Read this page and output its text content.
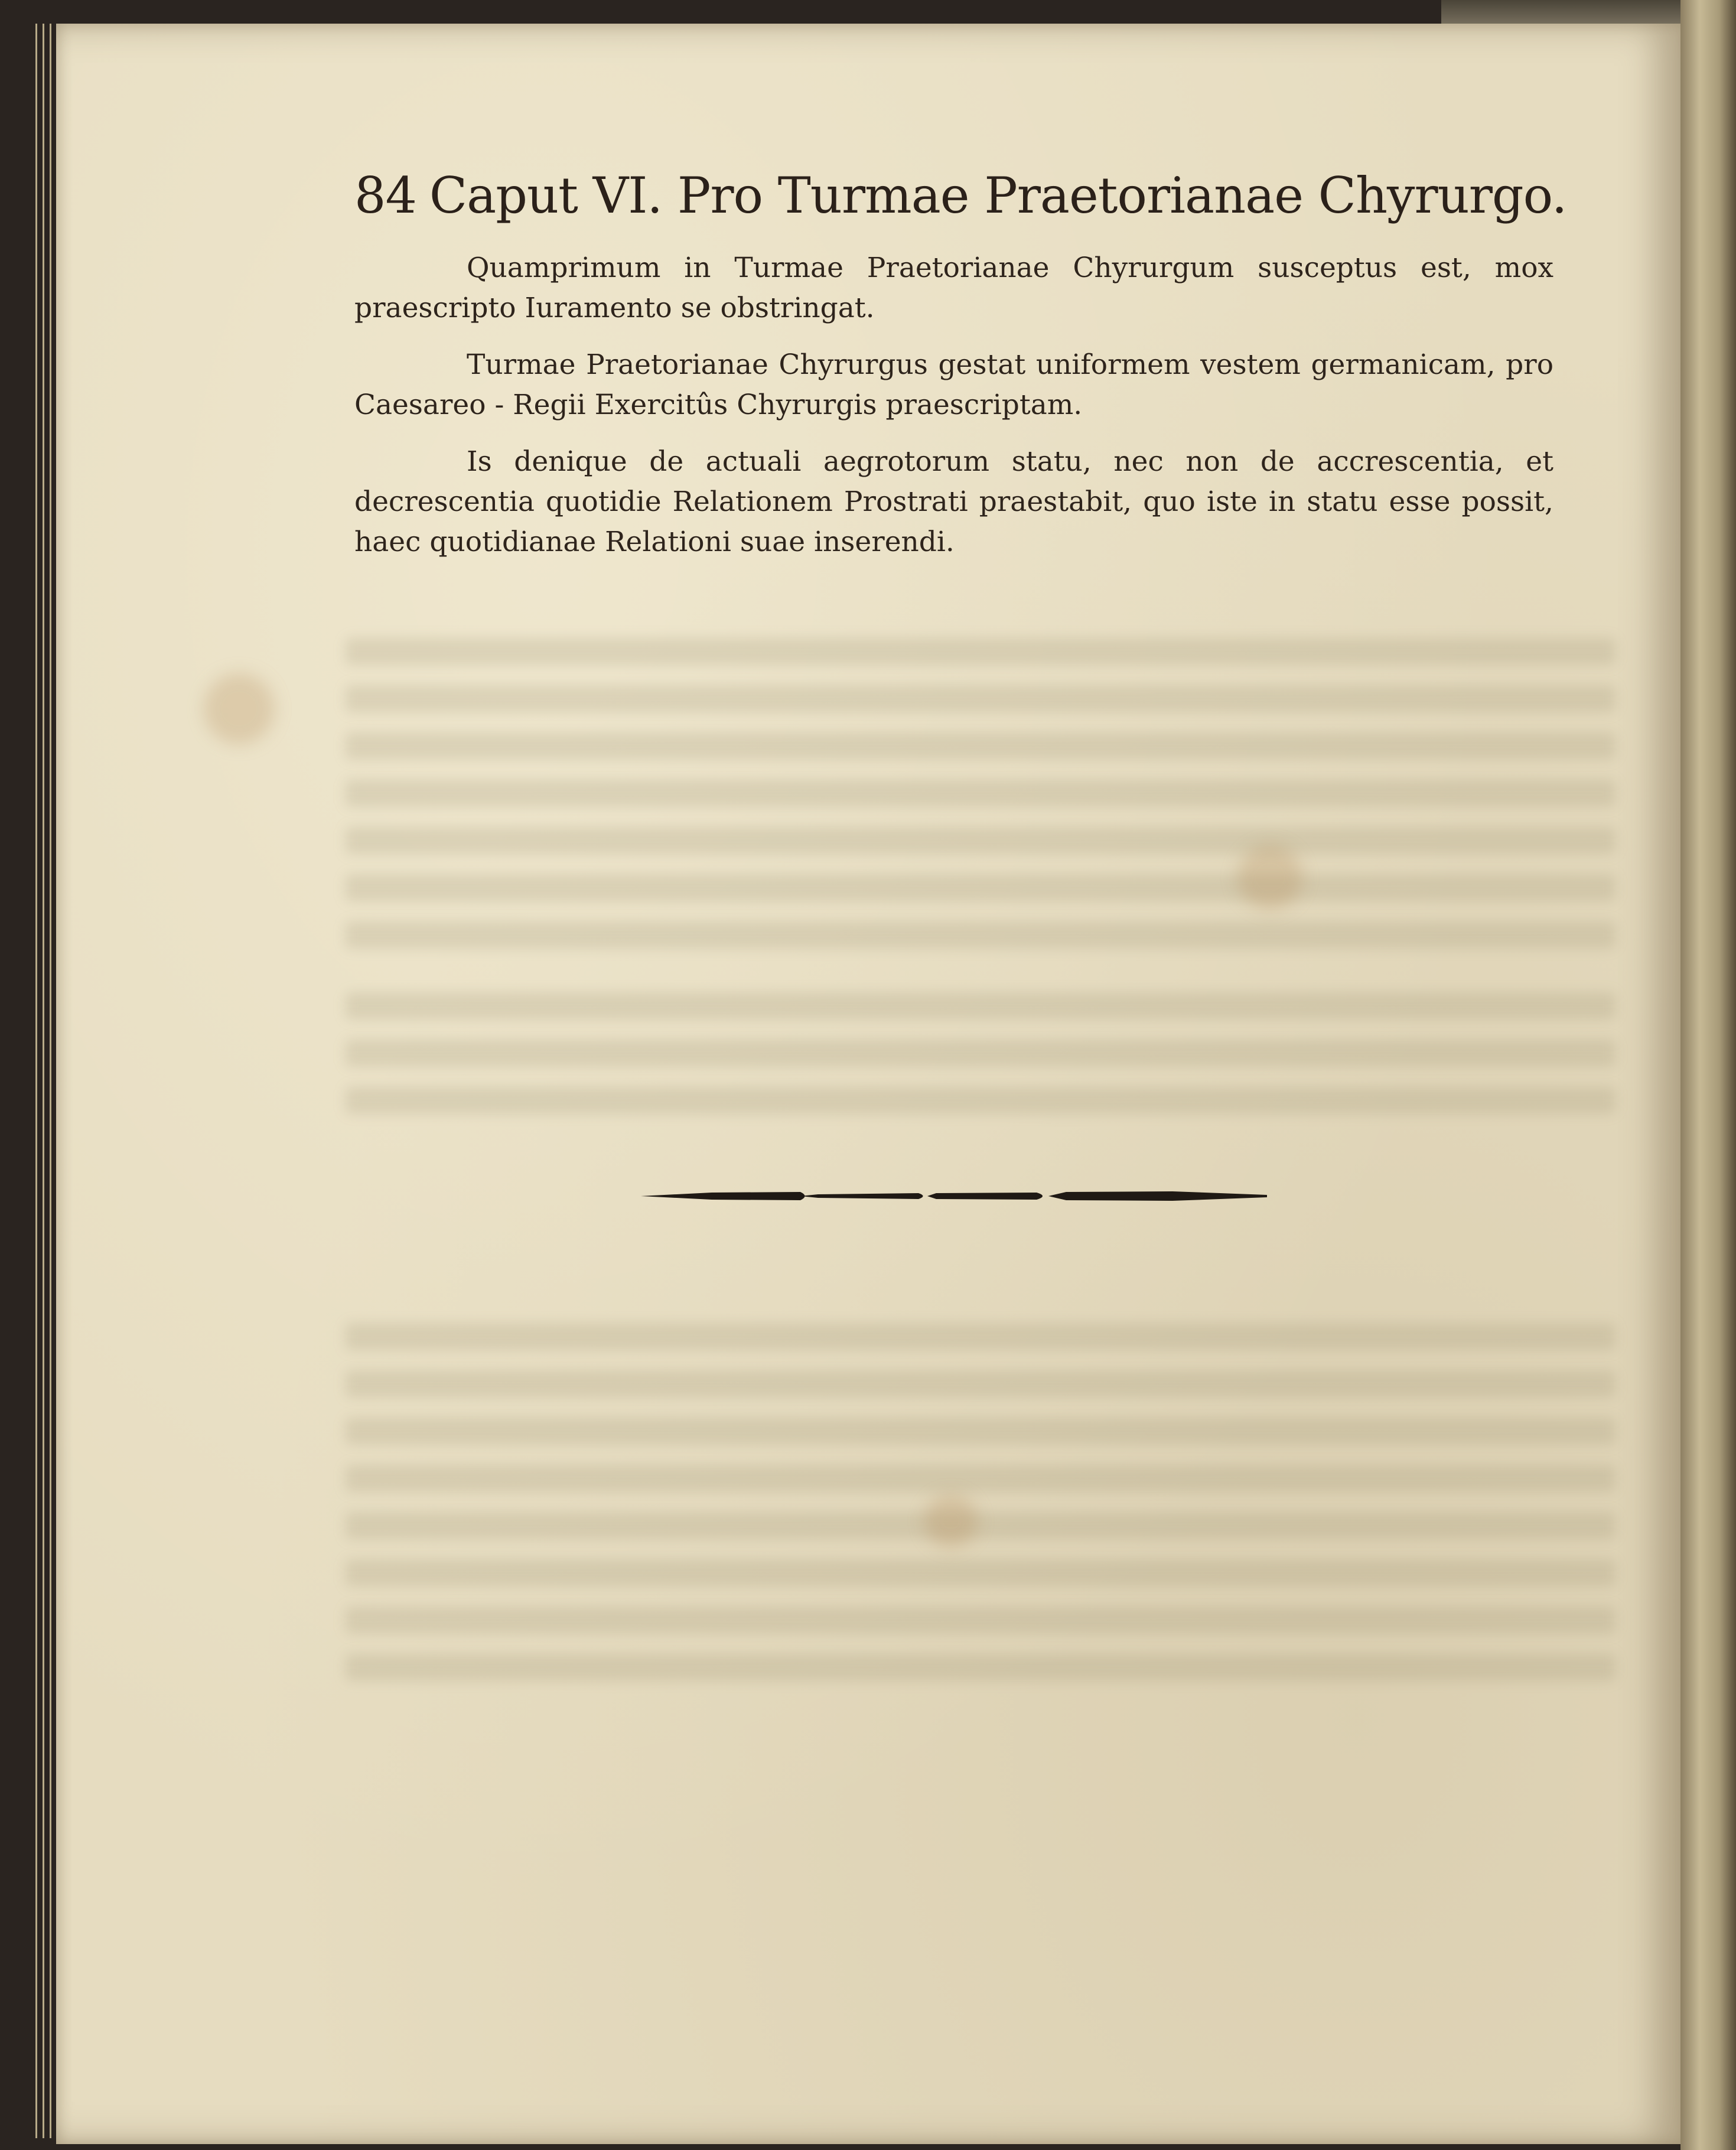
84 Caput VI. Pro Turmae Praetorianae Chyrurgo.

Quamprimum in Turmae Praetorianae Chyrurgum susceptus est, mox praescripto Iuramento se obstringat.

Turmae Praetorianae Chyrurgus gestat uniformem vestem germanicam, pro Caesareo - Regii Exercitûs Chyrurgis praescriptam.

Is denique de actuali aegrotorum statu, nec non de accrescentia, et decrescentia quotidie Relationem Prostrati praestabit, quo iste in statu esse possit, haec quotidianae Relationi suae inserendi.
